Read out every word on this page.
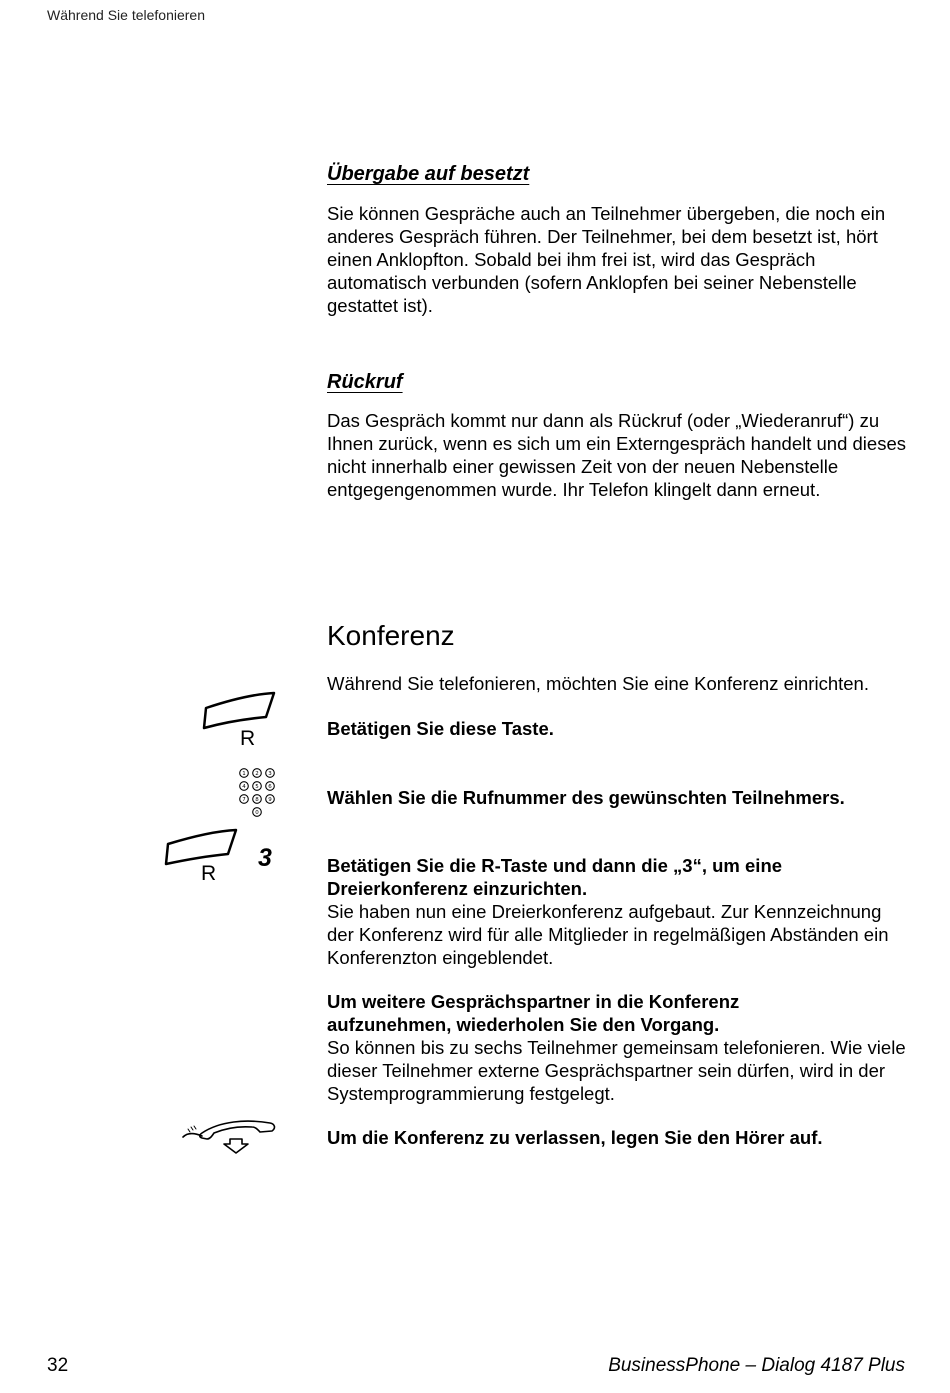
Während Sie telefonieren
Übergabe auf besetzt

Sie können Gespräche auch an Teilnehmer übergeben, die noch ein anderes Gespräch führen. Der Teilnehmer, bei dem besetzt ist, hört einen Anklopfton. Sobald bei ihm frei ist, wird das Gespräch automatisch verbunden (sofern Anklopfen bei seiner Nebenstelle gestattet ist).

Rückruf

Das Gespräch kommt nur dann als Rückruf (oder „Wiederanruf“) zu Ihnen zurück, wenn es sich um ein Externgespräch handelt und dieses nicht innerhalb einer gewissen Zeit von der neuen Nebenstelle entgegengenommen wurde. Ihr Telefon klingelt dann erneut.

Konferenz

Während Sie telefonieren, möchten Sie eine Konferenz einrichten.

R	Betätigen Sie diese Taste.

1 2 3
4 5 6
7 8 9
0

Wählen Sie die Rufnummer des gewünschten Teilnehmers.

R
3	Betätigen Sie die R-Taste und dann die „3“, um eine Dreierkonferenz einzurichten.

Sie haben nun eine Dreierkonferenz aufgebaut. Zur Kennzeichnung der Konferenz wird für alle Mitglieder in regelmäßigen Abständen ein Konferenzton eingeblendet.

Um weitere Gesprächspartner in die Konferenz aufzunehmen, wiederholen Sie den Vorgang.

So können bis zu sechs Teilnehmer gemeinsam telefonieren. Wie viele dieser Teilnehmer externe Gesprächspartner sein dürfen, wird in der Systemprogrammierung festgelegt.

Um die Konferenz zu verlassen, legen Sie den Hörer auf.

32	BusinessPhone – Dialog 4187 Plus
